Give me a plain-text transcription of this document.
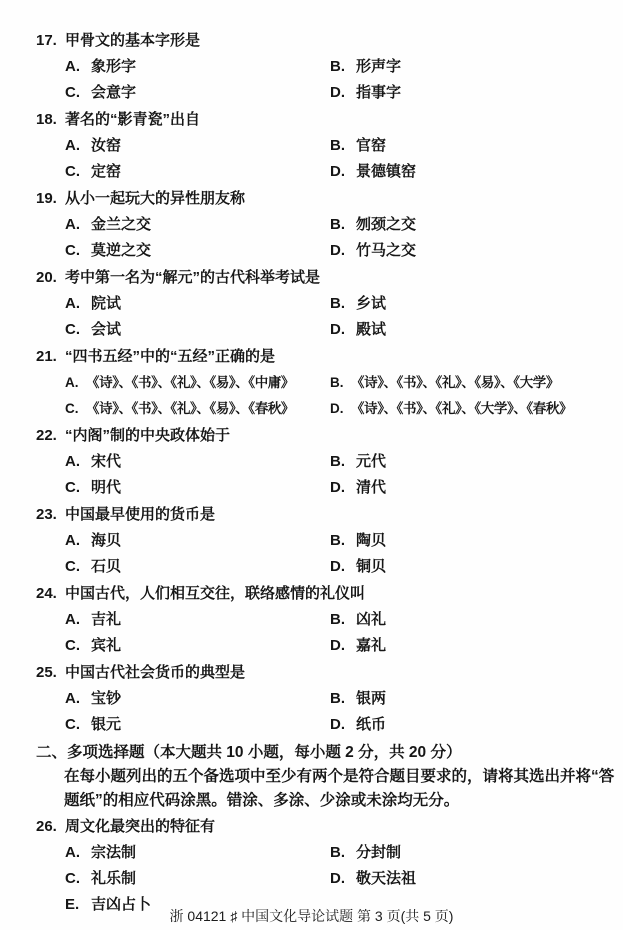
17. 甲骨文的基本字形是
A. 象形字	B. 形声字
C. 会意字	D. 指事字
18. 著名的“影青瓷”出自
A. 汝窑	B. 官窑
C. 定窑	D. 景德镇窑
19. 从小一起玩大的异性朋友称
A. 金兰之交	B. 刎颈之交
C. 莫逆之交	D. 竹马之交
20. 考中第一名为“解元”的古代科举考试是
A. 院试	B. 乡试
C. 会试	D. 殿试
21. “四书五经”中的“五经”正确的是
A. 《诗》、《书》、《礼》、《易》、《中庸》	B. 《诗》、《书》、《礼》、《易》、《大学》
C. 《诗》、《书》、《礼》、《易》、《春秋》	D. 《诗》、《书》、《礼》、《大学》、《春秋》
22. “内阁”制的中央政体始于
A. 宋代	B. 元代
C. 明代	D. 清代
23. 中国最早使用的货币是
A. 海贝	B. 陶贝
C. 石贝	D. 铜贝
24. 中国古代，人们相互交往，联络感情的礼仪叫
A. 吉礼	B. 凶礼
C. 宾礼	D. 嘉礼
25. 中国古代社会货币的典型是
A. 宝钞	B. 银两
C. 银元	D. 纸币
二、多项选择题（本大题共 10 小题，每小题 2 分，共 20 分）
在每小题列出的五个备选项中至少有两个是符合题目要求的，请将其选出并将“答
题纸”的相应代码涂黑。错涂、多涂、少涂或未涂均无分。
26. 周文化最突出的特征有
A. 宗法制	B. 分封制
C. 礼乐制	D. 敬天法祖
E. 吉凶占卜
浙 04121 ♯ 中国文化导论试题 第 3 页(共 5 页)
